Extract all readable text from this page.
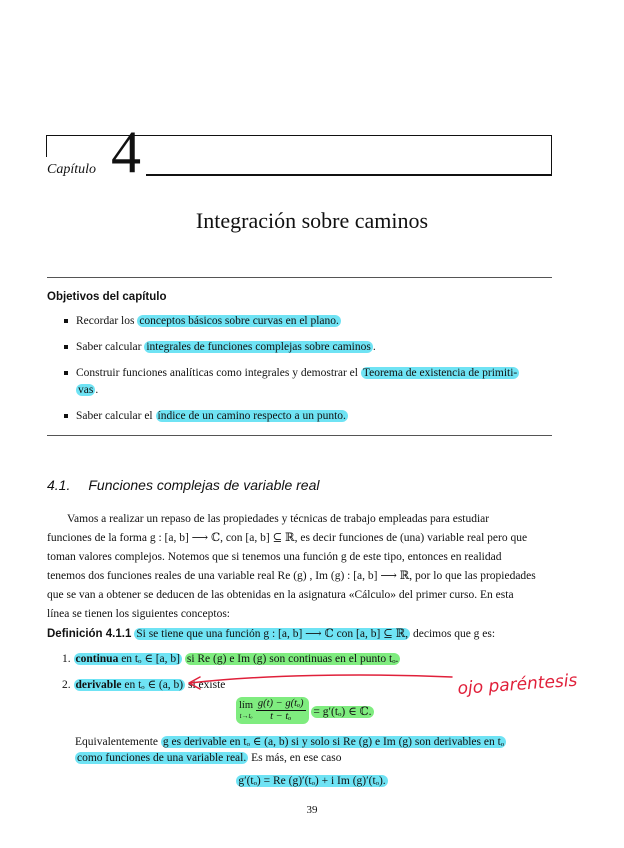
Capítulo 4
Integración sobre caminos
Objetivos del capítulo
Recordar los conceptos básicos sobre curvas en el plano.
Saber calcular integrales de funciones complejas sobre caminos .
Construir funciones analíticas como integrales y demostrar el Teorema de existencia de primiti-
vas .
Saber calcular el índice de un camino respecto a un punto.
4.1. Funciones complejas de variable real
Vamos a realizar un repaso de las propiedades y técnicas de trabajo empleadas para estudiar
funciones de la forma g : [a, b] ⟶ ℂ, con [a, b] ⊆ ℝ, es decir funciones de (una) variable real pero que
toman valores complejos. Notemos que si tenemos una función g de este tipo, entonces en realidad
tenemos dos funciones reales de una variable real Re (g) , Im (g) : [a, b] ⟶ ℝ, por lo que las propiedades
que se van a obtener se deducen de las obtenidas en la asignatura «Cálculo» del primer curso. En esta
línea se tienen los siguientes conceptos:
Definición 4.1.1 Si se tiene que una función g : [a, b] ⟶ ℂ con [a, b] ⊆ ℝ, decimos que g es:
1. continua en tₒ ∈ [a, b] si Re (g) e Im (g) son continuas en el punto tₒ.
2. derivable en tₒ ∈ (a, b) si existe
lím
t→tₒ
$\frac{\text{g(t) − g(tₒ)}}{\text{t − tₒ}} = g'(t_o)$ ∈ ℂ.
Equivalentemente g es derivable en tₒ ∈ (a, b) si y solo si Re (g) e Im (g) son derivables en tₒ
como funciones de una variable real. Es más, en ese caso
g′(tₒ) = Re (g)′(tₒ) + i Im (g)′(tₒ).
39
ojo paréntesis
